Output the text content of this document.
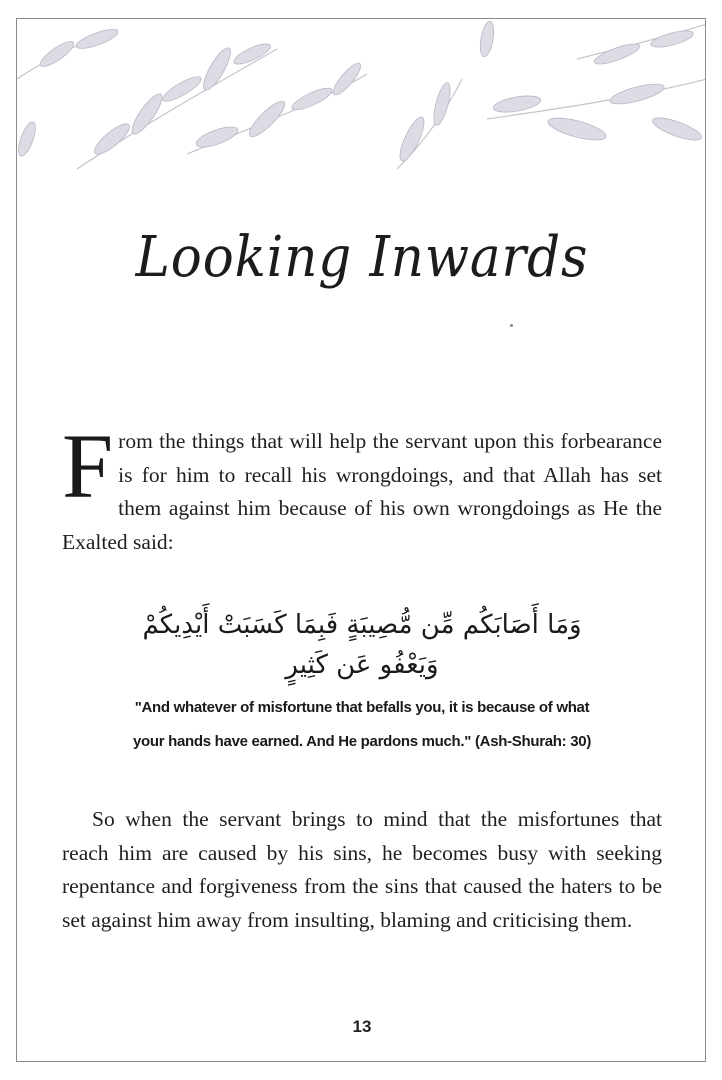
Looking Inwards
From the things that will help the servant upon this forbearance is for him to recall his wrongdoings, and that Allah has set them against him because of his own wrongdoings as He the Exalted said:
وَمَا أَصَابَكُم مِّن مُّصِيبَةٍ فَبِمَا كَسَبَتْ أَيْدِيكُمْ
وَيَعْفُو عَن كَثِيرٍ
"And whatever of misfortune that befalls you, it is because of what
your hands have earned. And He pardons much." (Ash-Shurah: 30)
So when the servant brings to mind that the misfortunes that reach him are caused by his sins, he becomes busy with seeking repentance and forgiveness from the sins that caused the haters to be set against him away from insulting, blaming and criticising them.
13
